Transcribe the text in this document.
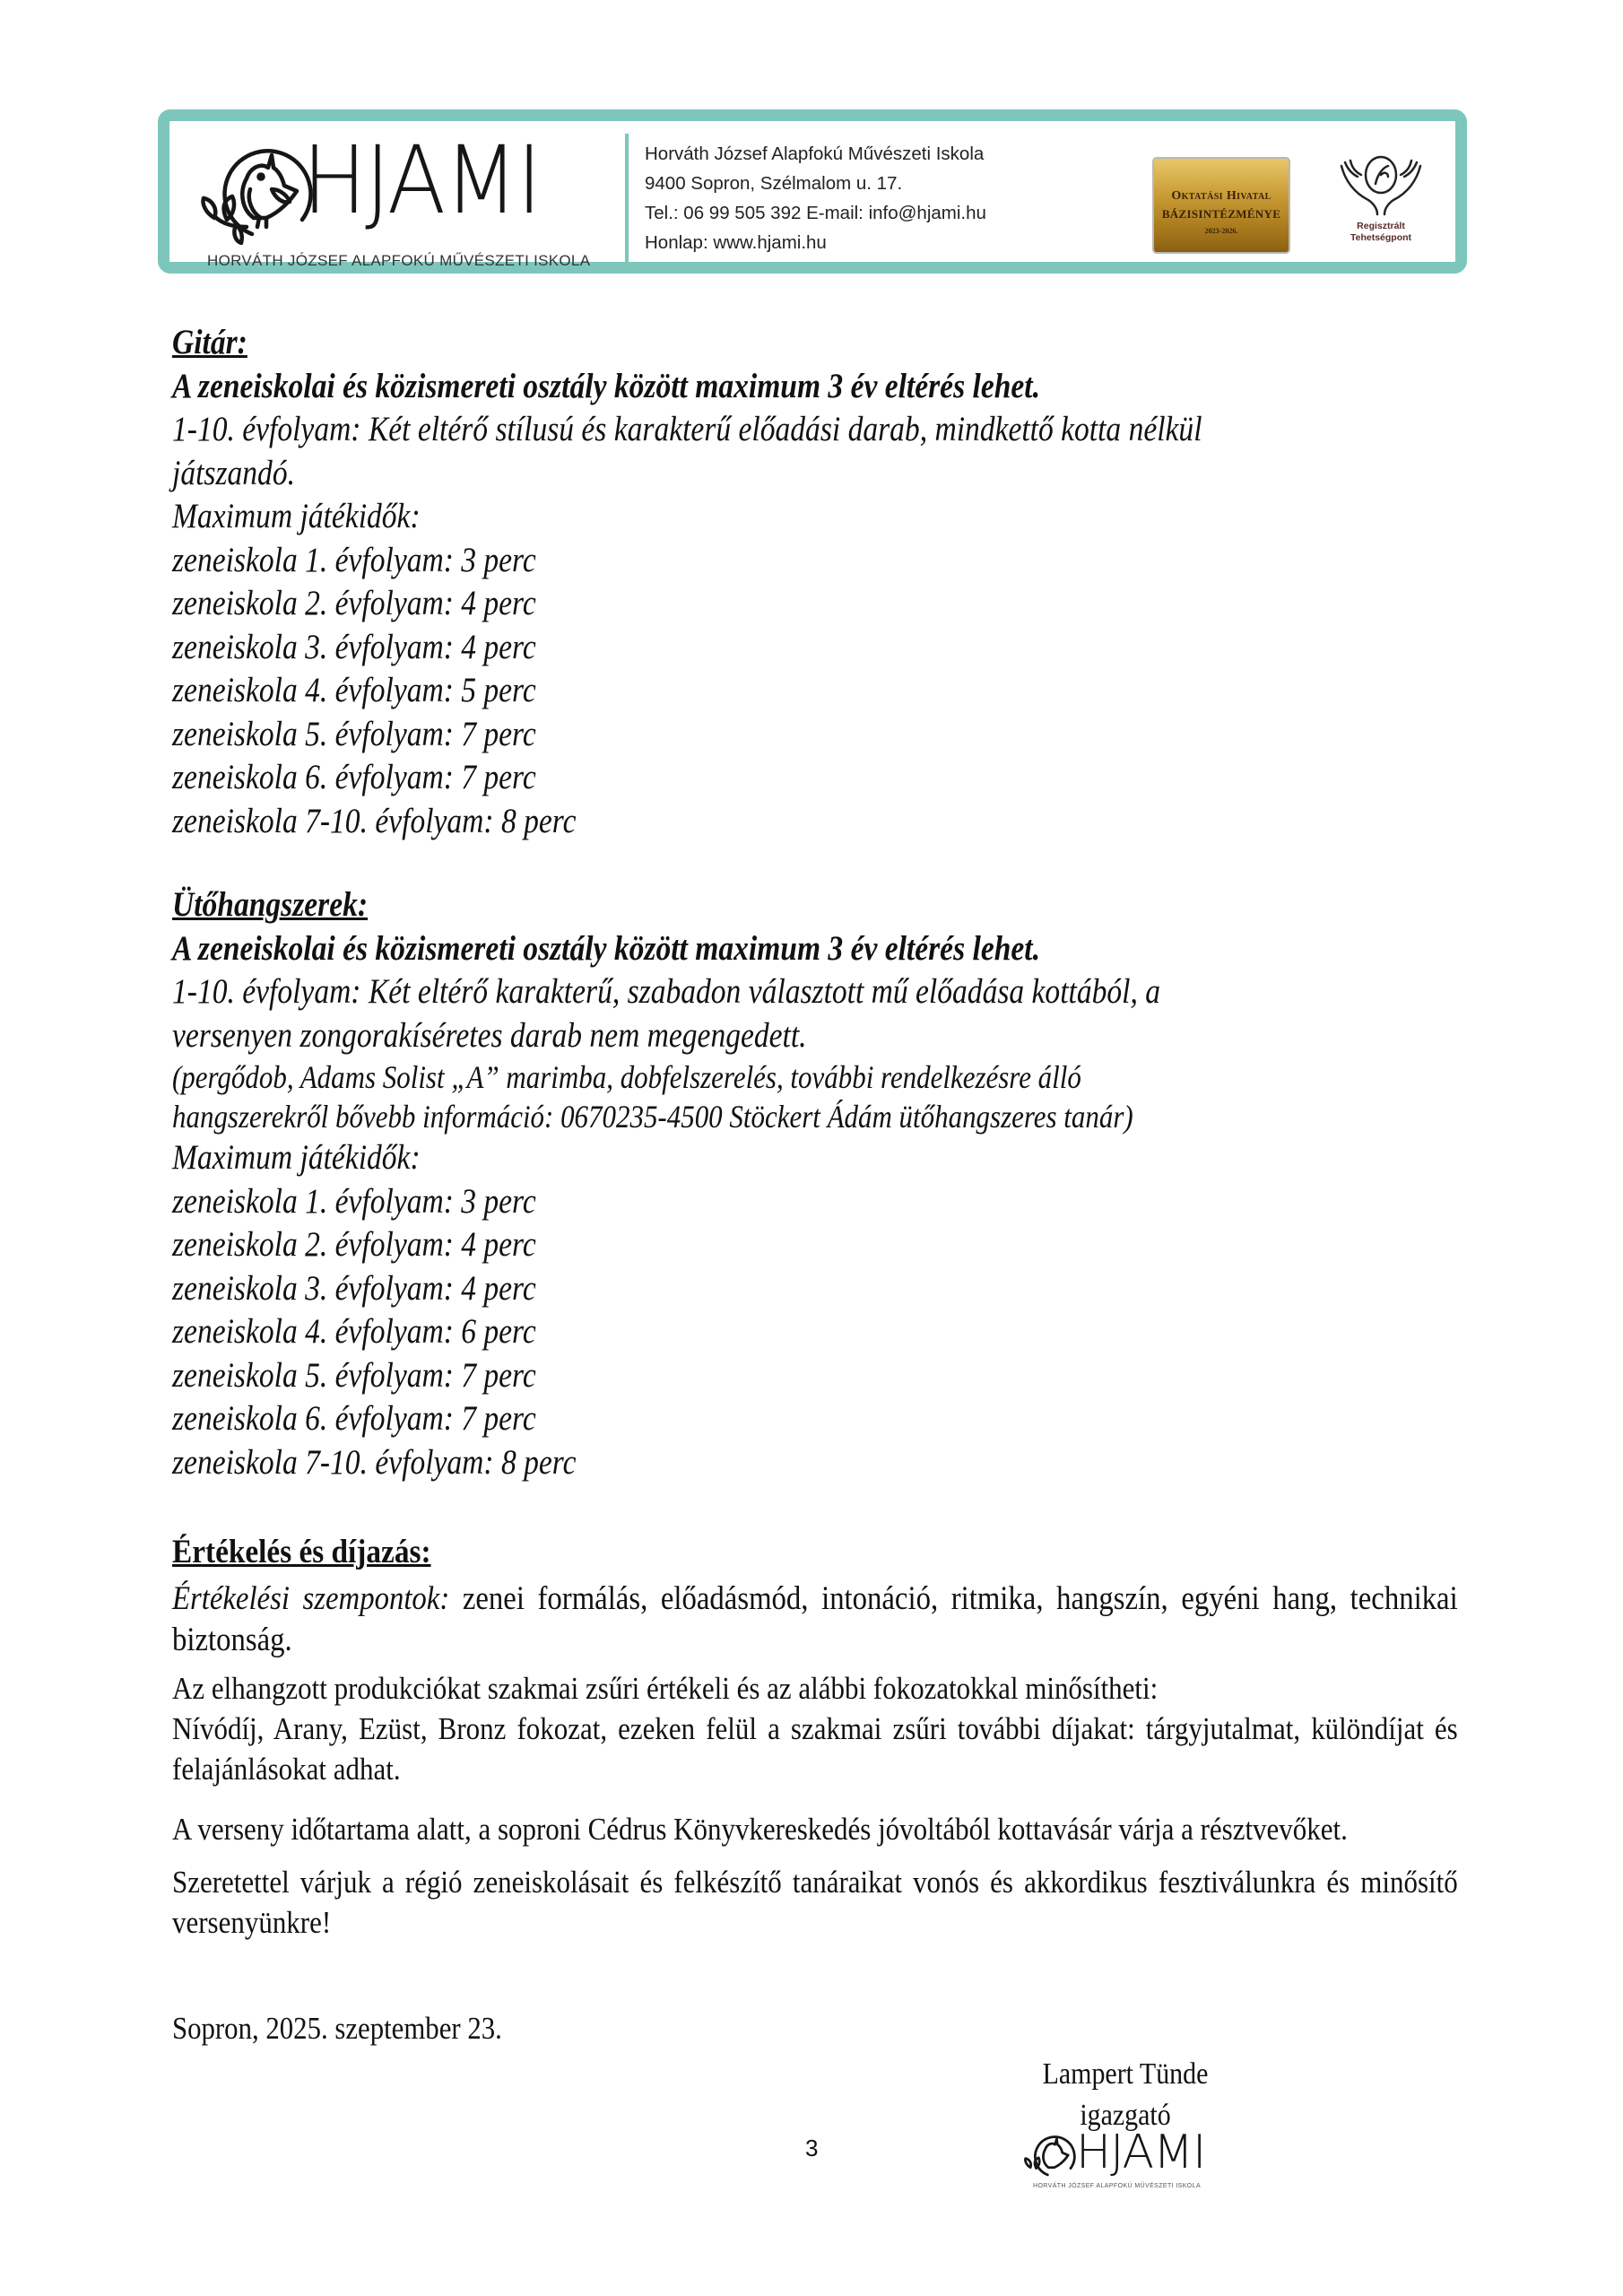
HJAMI
HORVÁTH JÓZSEF ALAPFOKÚ MŰVÉSZETI ISKOLA
Horváth József Alapfokú Művészeti Iskola
9400 Sopron, Szélmalom u. 17.
Tel.: 06 99 505 392 E-mail: info@hjami.hu
Honlap: www.hjami.hu
Oktatási Hivatal
BÁZISINTÉZMÉNYE
2023-2026.	Regisztrált
Tehetségpont
Gitár:
A zeneiskolai és közismereti osztály között maximum 3 év eltérés lehet.
1-10. évfolyam: Két eltérő stílusú és karakterű előadási darab, mindkettő kotta nélkül
játszandó.
Maximum játékidők:
zeneiskola 1. évfolyam: 3 perc
zeneiskola 2. évfolyam: 4 perc
zeneiskola 3. évfolyam: 4 perc
zeneiskola 4. évfolyam: 5 perc
zeneiskola 5. évfolyam: 7 perc
zeneiskola 6. évfolyam: 7 perc
zeneiskola 7-10. évfolyam: 8 perc
Ütőhangszerek:
A zeneiskolai és közismereti osztály között maximum 3 év eltérés lehet.
1-10. évfolyam: Két eltérő karakterű, szabadon választott mű előadása kottából, a
versenyen zongorakíséretes darab nem megengedett.
(pergődob, Adams Solist „A” marimba, dobfelszerelés, további rendelkezésre álló
hangszerekről bővebb információ: 0670235-4500 Stöckert Ádám ütőhangszeres tanár)
Maximum játékidők:
zeneiskola 1. évfolyam: 3 perc
zeneiskola 2. évfolyam: 4 perc
zeneiskola 3. évfolyam: 4 perc
zeneiskola 4. évfolyam: 6 perc
zeneiskola 5. évfolyam: 7 perc
zeneiskola 6. évfolyam: 7 perc
zeneiskola 7-10. évfolyam: 8 perc
Értékelés és díjazás:
Értékelési szempontok: zenei formálás, előadásmód, intonáció, ritmika, hangszín, egyéni hang, technikai biztonság.
Az elhangzott produkciókat szakmai zsűri értékeli és az alábbi fokozatokkal minősítheti:
Nívódíj, Arany, Ezüst, Bronz fokozat, ezeken felül a szakmai zsűri további díjakat: tárgyjutalmat, különdíjat és felajánlásokat adhat.
A verseny időtartama alatt, a soproni Cédrus Könyvkereskedés jóvoltából kottavásár várja a résztvevőket.
Szeretettel várjuk a régió zeneiskolásait és felkészítő tanáraikat vonós és akkordikus fesztiválunkra és minősítő versenyünkre!
Sopron, 2025. szeptember 23.
Lampert Tünde
igazgató
3	HJAMI
HORVÁTH JÓZSEF ALAPFOKÚ MŰVÉSZETI ISKOLA
